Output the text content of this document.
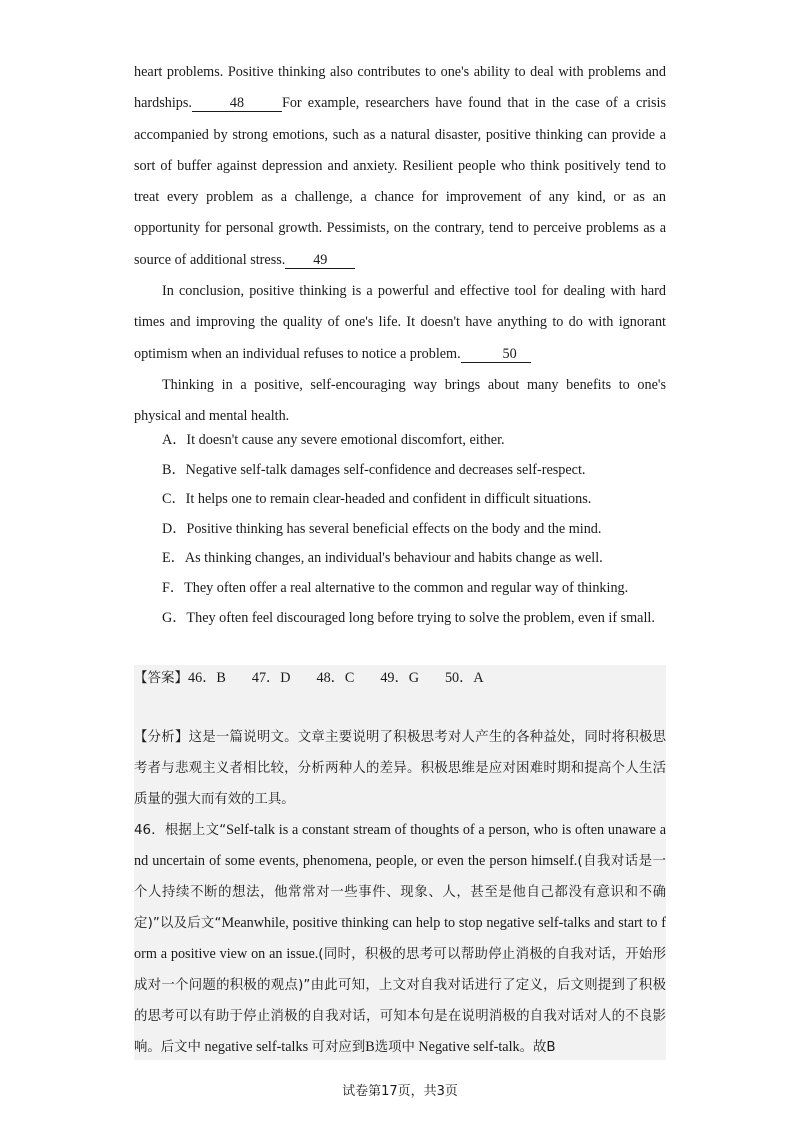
heart problems. Positive thinking also contributes to one's ability to deal with problems and hardships.	48	For example, researchers have found that in the case of a crisis accompanied by strong emotions, such as a natural disaster, positive thinking can provide a sort of buffer against depression and anxiety. Resilient people who think positively tend to treat every problem as a challenge, a chance for improvement of any kind, or as an opportunity for personal growth. Pessimists, on the contrary, tend to perceive problems as a source of additional stress. 49

In conclusion, positive thinking is a powerful and effective tool for dealing with hard times and improving the quality of one's life. It doesn't have anything to do with ignorant optimism when an individual refuses to notice a problem.	50

Thinking in a positive, self-encouraging way brings about many benefits to one's physical and mental health.

A．It doesn't cause any severe emotional discomfort, either.
B．Negative self-talk damages self-confidence and decreases self-respect.
C．It helps one to remain clear-headed and confident in difficult situations.
D．Positive thinking has several beneficial effects on the body and the mind.
E．As thinking changes, an individual's behaviour and habits change as well.
F．They often offer a real alternative to the common and regular way of thinking.
G．They often feel discouraged long before trying to solve the problem, even if small.
【答案】46．B 47．D 48．C 49．G 50．A

【分析】这是一篇说明文。文章主要说明了积极思考对人产生的各种益处，同时将积极思考者与悲观主义者相比较，分析两种人的差异。积极思维是应对困难时期和提高个人生活质量的强大而有效的工具。

46．根据上文“Self-talk is a constant stream of thoughts of a person, who is often unaware and uncertain of some events, phenomena, people, or even the person himself.(自我对话是一个人持续不断的想法，他常常对一些事件、现象、人，甚至是他自己都没有意识和不确定)”以及后文“Meanwhile, positive thinking can help to stop negative self-talks and start to form a positive view on an issue.(同时，积极的思考可以帮助停止消极的自我对话，开始形成对一个问题的积极的观点)”由此可知，上文对自我对话进行了定义，后文则提到了积极的思考可以有助于停止消极的自我对话，可知本句是在说明消极的自我对话对人的不良影响。后文中 negative self-talks 可对应到B选项中 Negative self-talk。故B

试卷第17页，共3页
